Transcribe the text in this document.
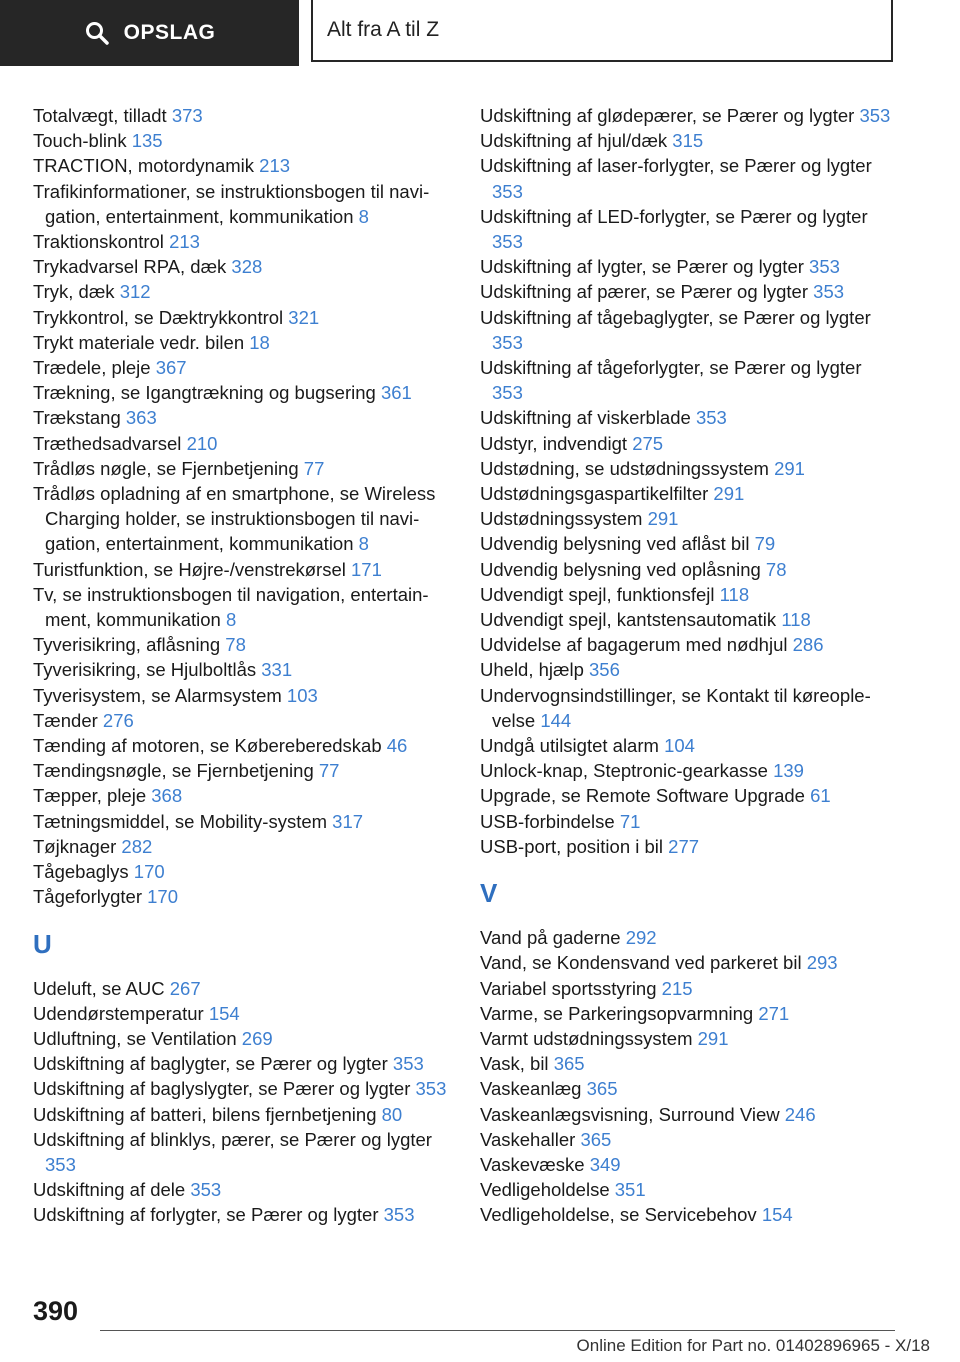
OPSLAG	Alt fra A til Z
Totalvægt, tilladt 373
Touch-blink 135
TRACTION, motordynamik 213
Trafikinformationer, se instruktionsbogen til navigation, entertainment, kommunikation 8
Traktionskontrol 213
Trykadvarsel RPA, dæk 328
Tryk, dæk 312
Trykkontrol, se Dæktrykkontrol 321
Trykt materiale vedr. bilen 18
Trædele, pleje 367
Trækning, se Igangtrækning og bugsering 361
Trækstang 363
Træthedsadvarsel 210
Trådløs nøgle, se Fjernbetjening 77
Trådløs opladning af en smartphone, se Wireless Charging holder, se instruktionsbogen til navigation, entertainment, kommunikation 8
Turistfunktion, se Højre-/venstrekørsel 171
Tv, se instruktionsbogen til navigation, entertainment, kommunikation 8
Tyverisikring, aflåsning 78
Tyverisikring, se Hjulboltlås 331
Tyverisystem, se Alarmsystem 103
Tænder 276
Tænding af motoren, se Købereberedskab 46
Tændingsnøgle, se Fjernbetjening 77
Tæpper, pleje 368
Tætningsmiddel, se Mobility-system 317
Tøjknager 282
Tågebaglys 170
Tågeforlygter 170
U
Udeluft, se AUC 267
Udendørstemperatur 154
Udluftning, se Ventilation 269
Udskiftning af baglygter, se Pærer og lygter 353
Udskiftning af baglyslygter, se Pærer og lygter 353
Udskiftning af batteri, bilens fjernbetjening 80
Udskiftning af blinklys, pærer, se Pærer og lygter 353
Udskiftning af dele 353
Udskiftning af forlygter, se Pærer og lygter 353
Udskiftning af glødepærer, se Pærer og lygter 353
Udskiftning af hjul/dæk 315
Udskiftning af laser-forlygter, se Pærer og lygter 353
Udskiftning af LED-forlygter, se Pærer og lygter 353
Udskiftning af lygter, se Pærer og lygter 353
Udskiftning af pærer, se Pærer og lygter 353
Udskiftning af tågebaglygter, se Pærer og lygter 353
Udskiftning af tågeforlygter, se Pærer og lygter 353
Udskiftning af viskerblade 353
Udstyr, indvendigt 275
Udstødning, se udstødningssystem 291
Udstødningsgaspartikelfilter 291
Udstødningssystem 291
Udvendig belysning ved aflåst bil 79
Udvendig belysning ved oplåsning 78
Udvendigt spejl, funktionsfejl 118
Udvendigt spejl, kantstensautomatik 118
Udvidelse af bagagerum med nødhjul 286
Uheld, hjælp 356
Undervognsindstillinger, se Kontakt til køreoplevelse 144
Undgå utilsigtet alarm 104
Unlock-knap, Steptronic-gearkasse 139
Upgrade, se Remote Software Upgrade 61
USB-forbindelse 71
USB-port, position i bil 277
V
Vand på gaderne 292
Vand, se Kondensvand ved parkeret bil 293
Variabel sportsstyring 215
Varme, se Parkeringsopvarmning 271
Varmt udstødningssystem 291
Vask, bil 365
Vaskeanlæg 365
Vaskeanlægsvisning, Surround View 246
Vaskehaller 365
Vaskevæske 349
Vedligeholdelse 351
Vedligeholdelse, se Servicebehov 154
390
Online Edition for Part no. 01402896965 - X/18
